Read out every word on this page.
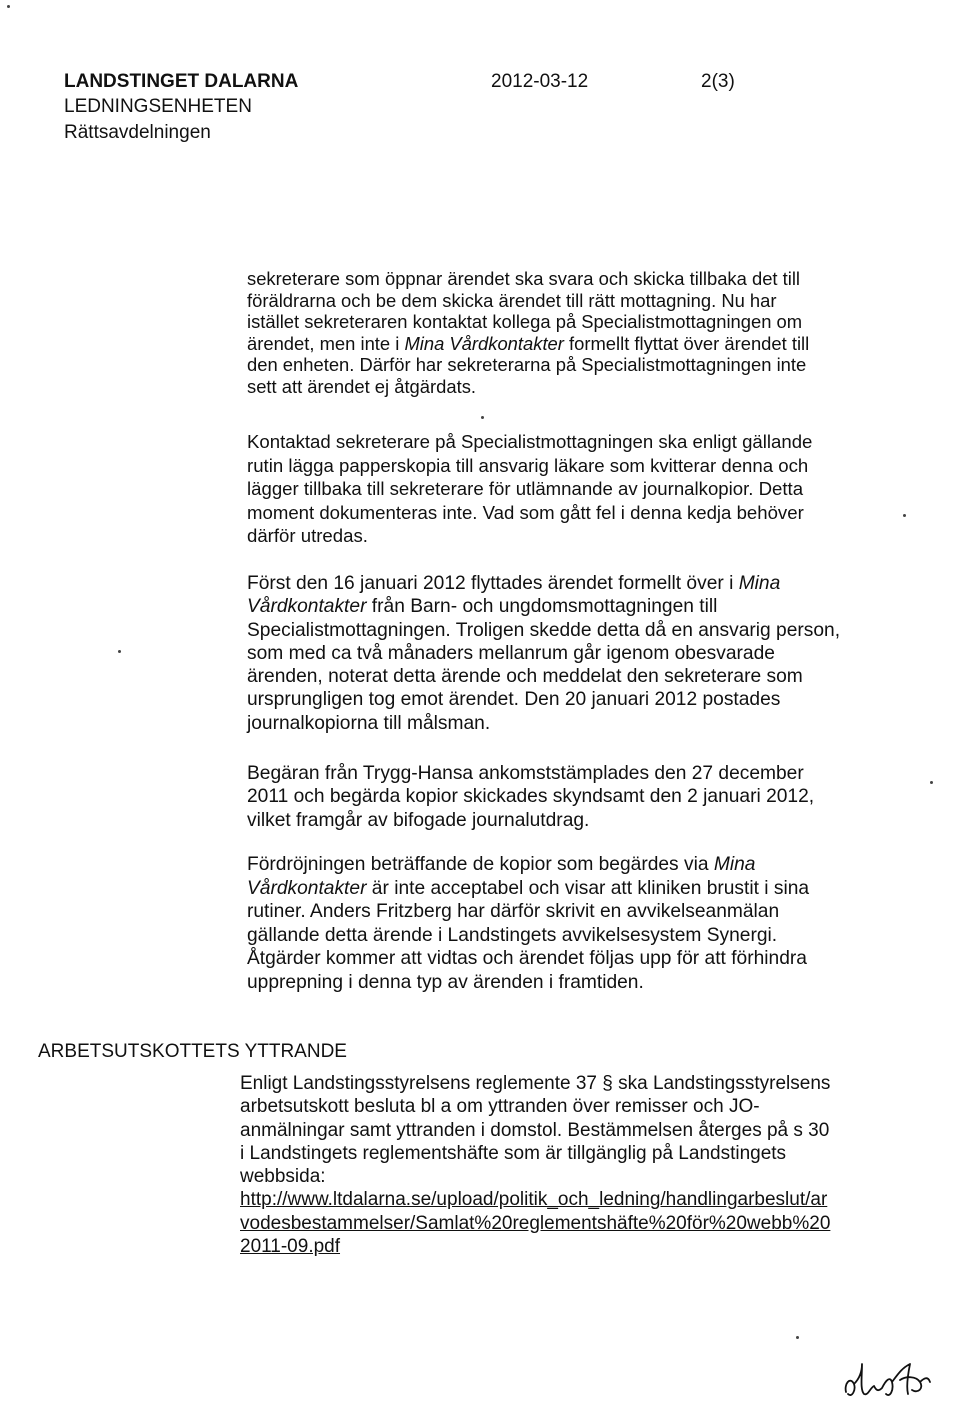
LANDSTINGET DALARNA
LEDNINGSENHETEN
Rättsavdelningen
2012-03-12	2(3)
sekreterare som öppnar ärendet ska svara och skicka tillbaka det till
föräldrarna och be dem skicka ärendet till rätt mottagning. Nu har
istället sekreteraren kontaktat kollega på Specialistmottagningen om
ärendet, men inte i Mina Vårdkontakter formellt flyttat över ärendet till
den enheten. Därför har sekreterarna på Specialistmottagningen inte
sett att ärendet ej åtgärdats.
Kontaktad sekreterare på Specialistmottagningen ska enligt gällande
rutin lägga papperskopia till ansvarig läkare som kvitterar denna och
lägger tillbaka till sekreterare för utlämnande av journalkopior. Detta
moment dokumenteras inte. Vad som gått fel i denna kedja behöver
därför utredas.
Först den 16 januari 2012 flyttades ärendet formellt över i Mina
Vårdkontakter från Barn- och ungdomsmottagningen till
Specialistmottagningen. Troligen skedde detta då en ansvarig person,
som med ca två månaders mellanrum går igenom obesvarade
ärenden, noterat detta ärende och meddelat den sekreterare som
ursprungligen tog emot ärendet. Den 20 januari 2012 postades
journalkopiorna till målsman.
Begäran från Trygg-Hansa ankomststämplades den 27 december
2011 och begärda kopior skickades skyndsamt den 2 januari 2012,
vilket framgår av bifogade journalutdrag.
Fördröjningen beträffande de kopior som begärdes via Mina
Vårdkontakter är inte acceptabel och visar att kliniken brustit i sina
rutiner. Anders Fritzberg har därför skrivit en avvikelseanmälan
gällande detta ärende i Landstingets avvikelsesystem Synergi.
Åtgärder kommer att vidtas och ärendet följas upp för att förhindra
upprepning i denna typ av ärenden i framtiden.
ARBETSUTSKOTTETS YTTRANDE
Enligt Landstingsstyrelsens reglemente 37 § ska Landstingsstyrelsens
arbetsutskott besluta bl a om yttranden över remisser och JO-
anmälningar samt yttranden i domstol. Bestämmelsen återges på s 30
i Landstingets reglementshäfte som är tillgänglig på Landstingets
webbsida:
http://www.ltdalarna.se/upload/politik_och_ledning/handlingarbeslut/ar
vodesbestammelser/Samlat%20reglementshäfte%20för%20webb%20
2011-09.pdf
